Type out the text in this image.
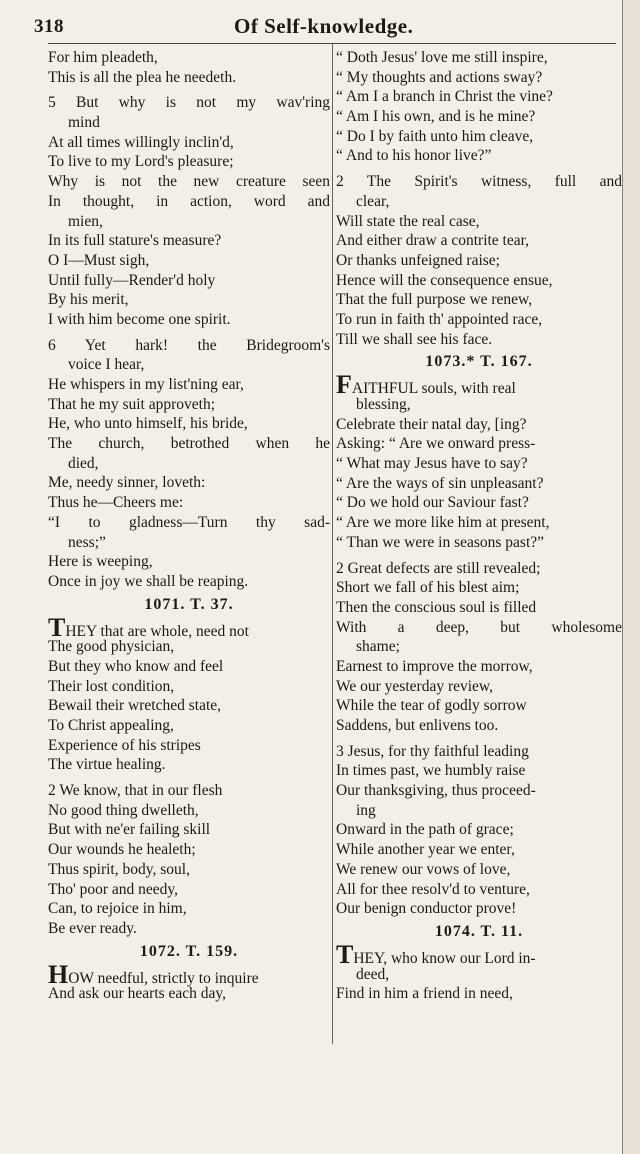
318	Of Self-knowledge.
For him pleadeth,
This is all the plea he needeth.
5 But why is not my wav'ring
mind
At all times willingly inclin'd,
To live to my Lord's pleasure;
Why is not the new creature seen
In thought, in action, word and
mien,
In its full stature's measure?
O I—Must sigh,
Until fully—Render'd holy
By his merit,
I with him become one spirit.
6 Yet hark! the Bridegroom's
voice I hear,
He whispers in my list'ning ear,
That he my suit approveth;
He, who unto himself, his bride,
The church, betrothed when he
died,
Me, needy sinner, loveth:
Thus he—Cheers me:
“I to gladness—Turn thy sad-
ness;”
Here is weeping,
Once in joy we shall be reaping.
1071. T. 37.
THEY that are whole, need not
The good physician,
But they who know and feel
Their lost condition,
Bewail their wretched state,
To Christ appealing,
Experience of his stripes
The virtue healing.
2 We know, that in our flesh
No good thing dwelleth,
But with ne'er failing skill
Our wounds he healeth;
Thus spirit, body, soul,
Tho' poor and needy,
Can, to rejoice in him,
Be ever ready.
1072. T. 159.
HOW needful, strictly to inquire
And ask our hearts each day,
“ Doth Jesus' love me still inspire,
“ My thoughts and actions sway?
“ Am I a branch in Christ the vine?
“ Am I his own, and is he mine?
“ Do I by faith unto him cleave,
“ And to his honor live?”
2 The Spirit's witness, full and
clear,
Will state the real case,
And either draw a contrite tear,
Or thanks unfeigned raise;
Hence will the consequence ensue,
That the full purpose we renew,
To run in faith th' appointed race,
Till we shall see his face.
1073.* T. 167.
FAITHFUL souls, with real
blessing,
Celebrate their natal day, [ing?
Asking: “ Are we onward press-
“ What may Jesus have to say?
“ Are the ways of sin unpleasant?
“ Do we hold our Saviour fast?
“ Are we more like him at present,
“ Than we were in seasons past?”
2 Great defects are still revealed;
Short we fall of his blest aim;
Then the conscious soul is filled
With a deep, but wholesome
shame;
Earnest to improve the morrow,
We our yesterday review,
While the tear of godly sorrow
Saddens, but enlivens too.
3 Jesus, for thy faithful leading
In times past, we humbly raise
Our thanksgiving, thus proceed-
ing
Onward in the path of grace;
While another year we enter,
We renew our vows of love,
All for thee resolv'd to venture,
Our benign conductor prove!
1074. T. 11.
THEY, who know our Lord in-
deed,
Find in him a friend in need,
